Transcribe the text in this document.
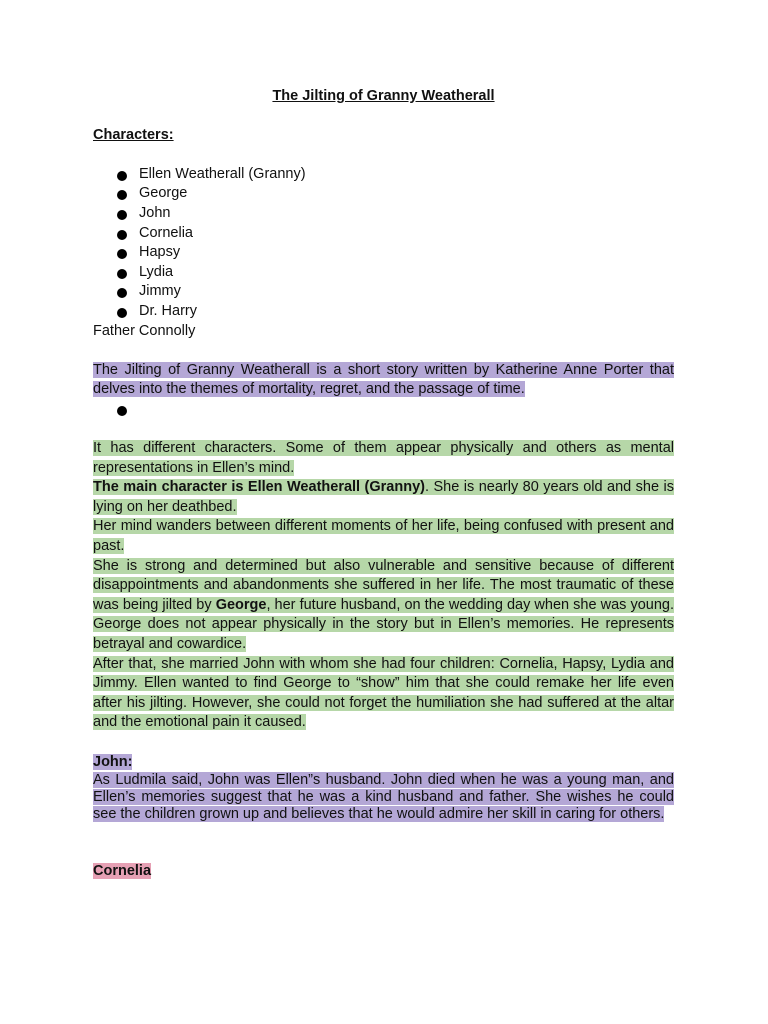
The Jilting of Granny Weatherall

Characters:

Ellen Weatherall (Granny)
George
John
Cornelia
Hapsy
Lydia
Jimmy
Dr. Harry

Father Connolly

The Jilting of Granny Weatherall is a short story written by Katherine Anne Porter that delves into the themes of mortality, regret, and the passage of time.

It has different characters. Some of them appear physically and others as mental representations in Ellen’s mind.

The main character is Ellen Weatherall (Granny). She is nearly 80 years old and she is lying on her deathbed.

Her mind wanders between different moments of her life, being confused with present and past.

She is strong and determined but also vulnerable and sensitive because of different disappointments and abandonments she suffered in her life. The most traumatic of these was being jilted by George, her future husband, on the wedding day when she was young. George does not appear physically in the story but in Ellen’s memories. He represents betrayal and cowardice.

After that, she married John with whom she had four children: Cornelia, Hapsy, Lydia and Jimmy. Ellen wanted to find George to “show” him that she could remake her life even after his jilting. However, she could not forget the humiliation she had suffered at the altar and the emotional pain it caused.

John:

As Ludmila said, John was Ellen”s husband. John died when he was a young man, and Ellen’s memories suggest that he was a kind husband and father. She wishes he could see the children grown up and believes that he would admire her skill in caring for others.

Cornelia
